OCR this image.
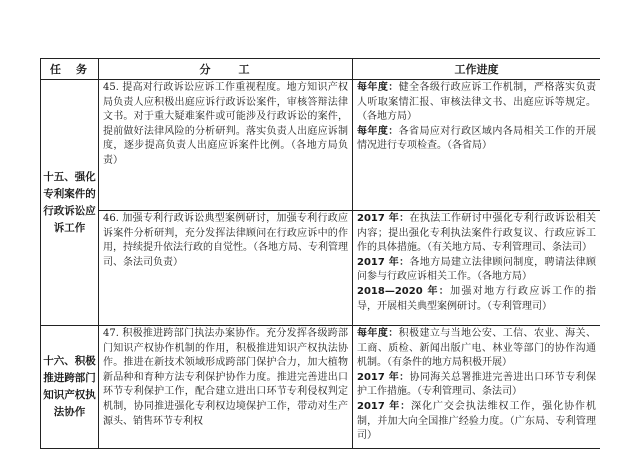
任　务	分　　工	工作进度
十五、强化专利案件的行政诉讼应诉工作	45. 提高对行政诉讼应诉工作重视程度。地方知识产权局负责人应积极出庭应诉行政诉讼案件，审核答辩法律文书。对于重大疑难案件或可能涉及行政诉讼的案件，提前做好法律风险的分析研判。落实负责人出庭应诉制度，逐步提高负责人出庭应诉案件比例。（各地方局负责）	每年度：健全各级行政应诉工作机制，严格落实负责人听取案情汇报、审核法律文书、出庭应诉等规定。（各地方局）

每年度：各省局应对行政区域内各局相关工作的开展情况进行专项检查。（各省局）

	46. 加强专利行政诉讼典型案例研讨，加强专利行政应诉案件分析研判，充分发挥法律顾问在行政应诉中的作用，持续提升依法行政的自觉性。（各地方局、专利管理司、条法司负责）	2017 年：在执法工作研讨中强化专利行政诉讼相关内容；提出强化专利执法案件行政复议、行政应诉工作的具体措施。（有关地方局、专利管理司、条法司）

2017 年：各地方局建立法律顾问制度，聘请法律顾问参与行政应诉相关工作。（各地方局）

2018—2020 年：加强对地方行政应诉工作的指导，开展相关典型案例研讨。（专利管理司）

十六、积极推进跨部门知识产权执法协作	47. 积极推进跨部门执法办案协作。充分发挥各级跨部门知识产权协作机制的作用，积极推进知识产权执法协作。推进在新技术领域形成跨部门保护合力，加大植物新品种和育种方法专利保护协作力度。推进完善进出口环节专利保护工作，配合建立进出口环节专利侵权判定机制，协同推进强化专利权边境保护工作，带动对生产源头、销售环节专利权	每年度：积极建立与当地公安、工信、农业、海关、工商、质检、新闻出版广电、林业等部门的协作沟通机制。（有条件的地方局积极开展）

2017 年：协同海关总署推进完善进出口环节专利保护工作措施。（专利管理司、条法司）

2017 年：深化广交会执法维权工作，强化协作机制，并加大向全国推广经验力度。（广东局、专利管理司）
